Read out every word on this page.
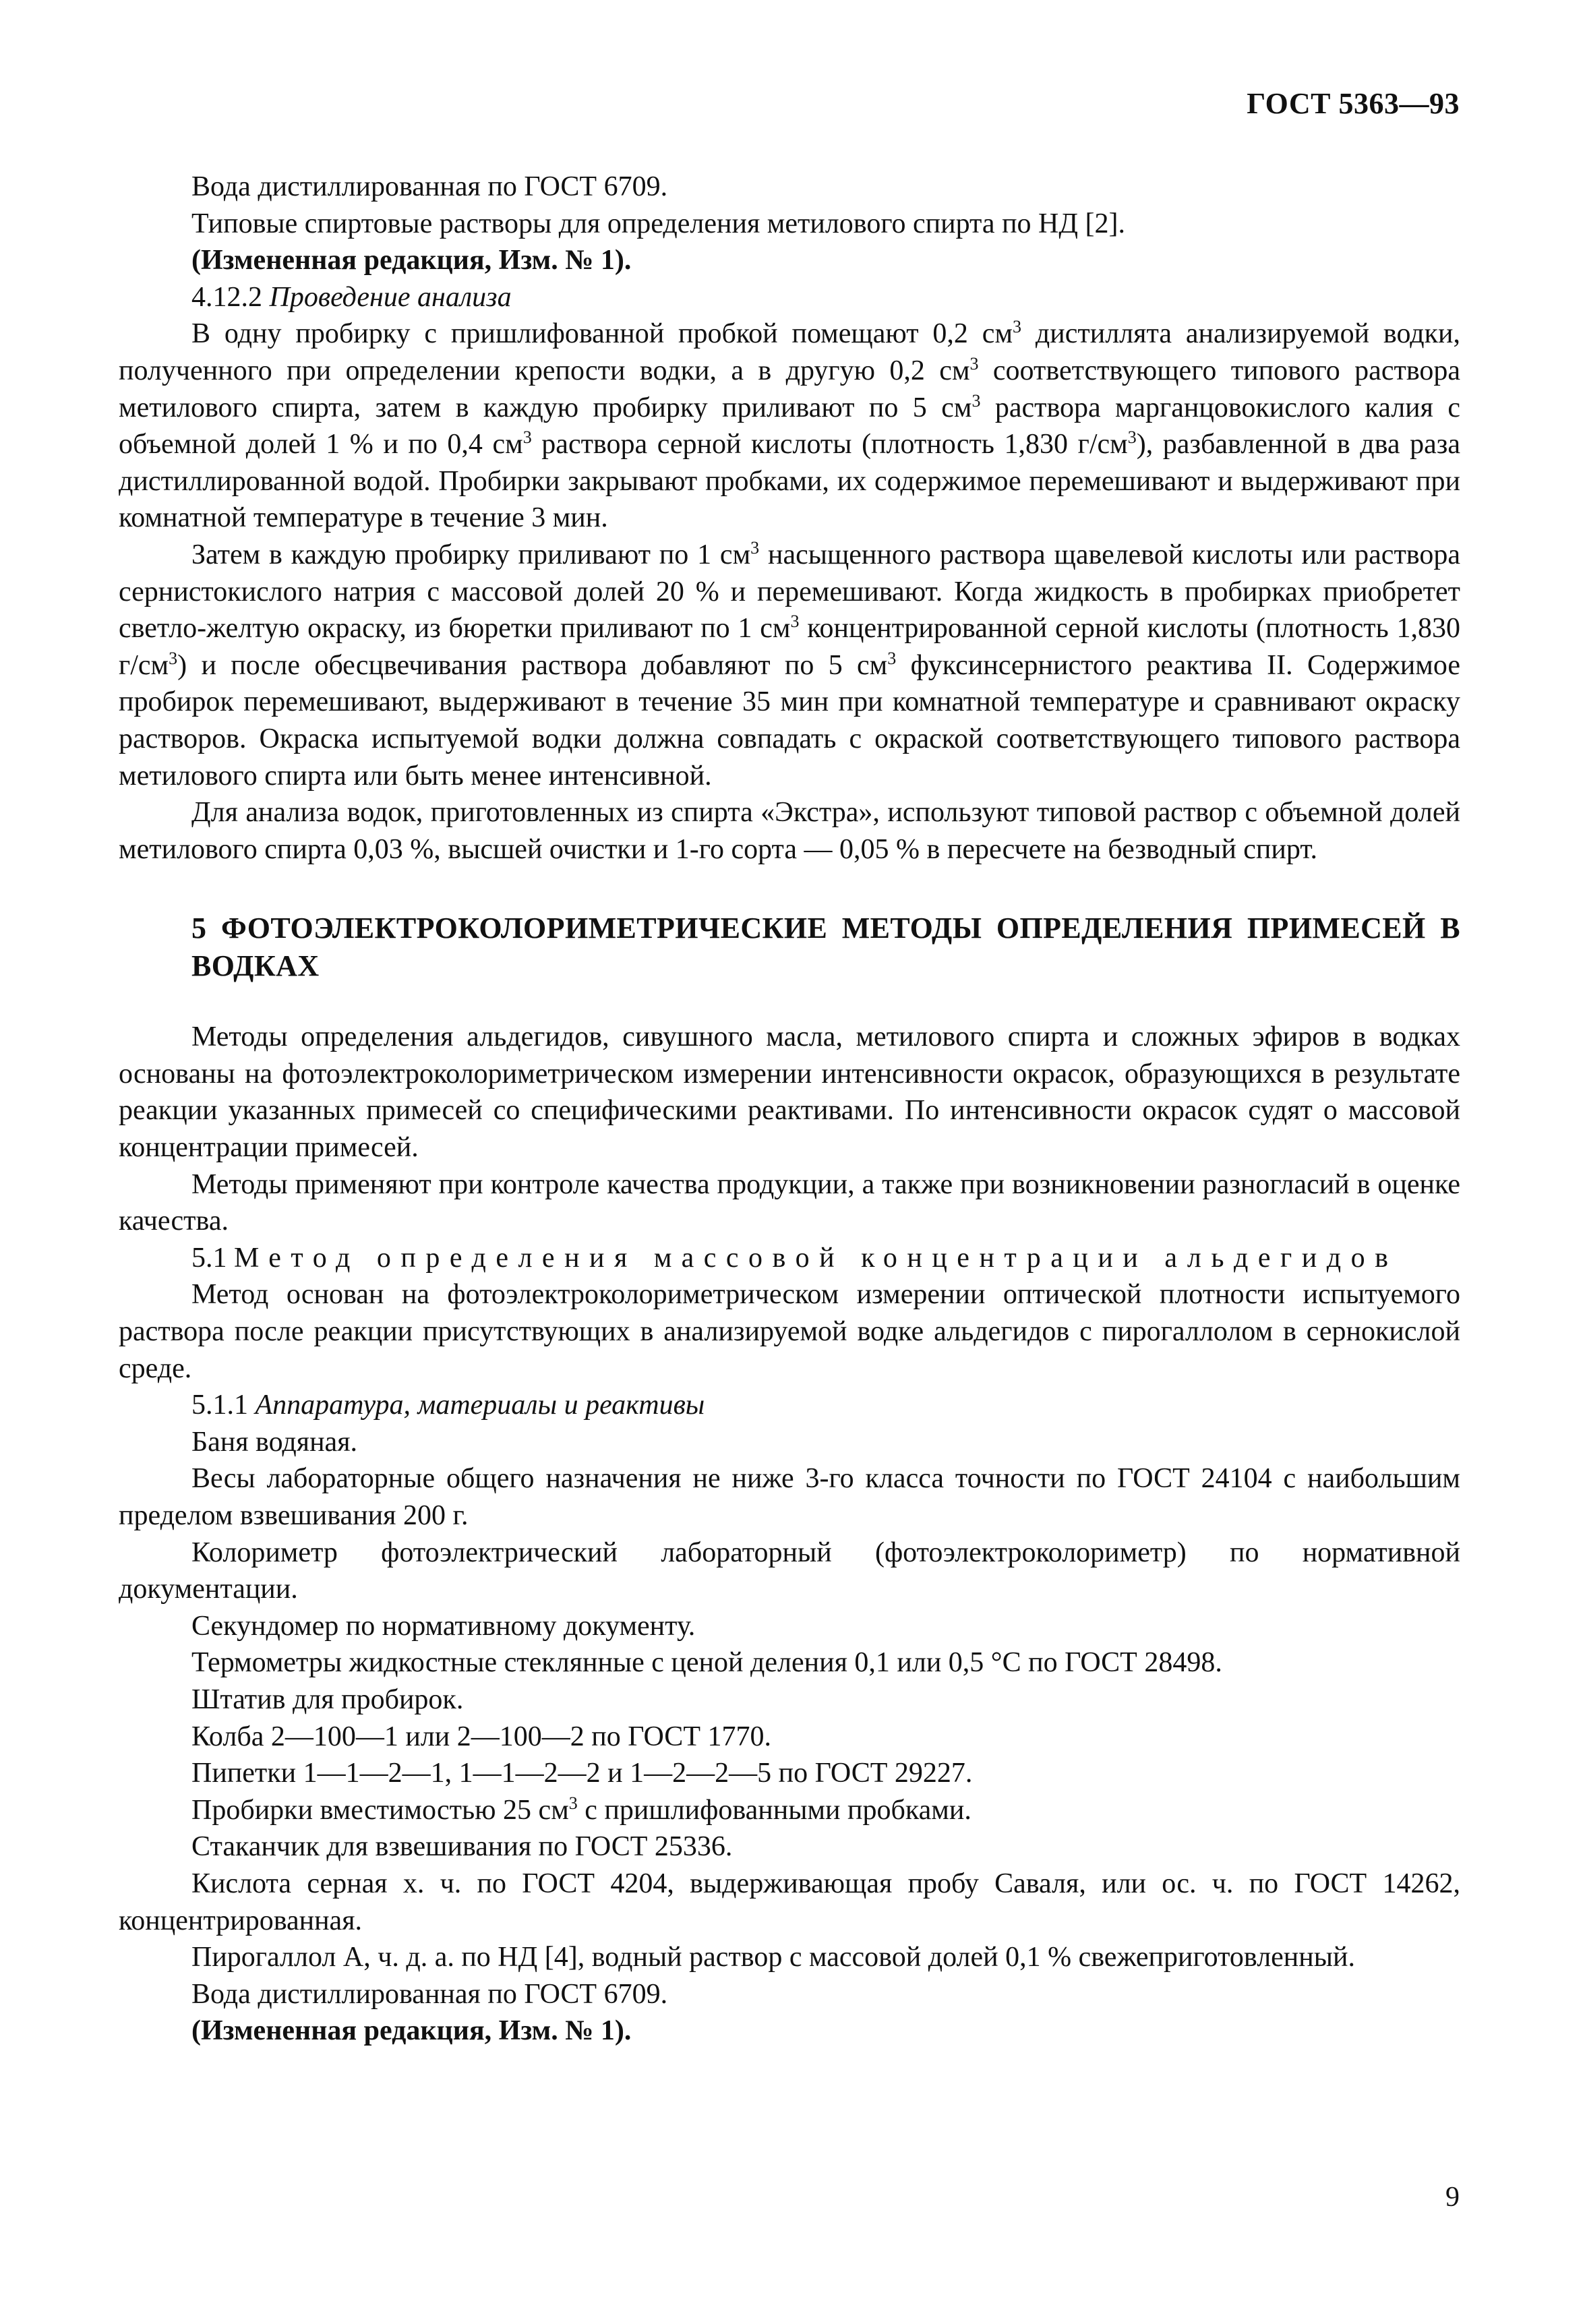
ГОСТ 5363—93

Вода дистиллированная по ГОСТ 6709.

Типовые спиртовые растворы для определения метилового спирта по НД [2].

(Измененная редакция, Изм. № 1).

4.12.2 Проведение анализа

В одну пробирку с пришлифованной пробкой помещают 0,2 $см^3$ дистиллята анализируемой водки, полученного при определении крепости водки, а в другую 0,2 $см^3$ соответствующего типового раствора метилового спирта, затем в каждую пробирку приливают по 5 $см^3$ раствора марганцовокислого калия с объемной долей 1 % и по 0,4 $см^3$ раствора серной кислоты (плотность 1,830 $г/см^3$), разбавленной в два раза дистиллированной водой. Пробирки закрывают пробками, их содержимое перемешивают и выдерживают при комнатной температуре в течение 3 мин.

Затем в каждую пробирку приливают по 1 $см^3$ насыщенного раствора щавелевой кислоты или раствора сернистокислого натрия с массовой долей 20 % и перемешивают. Когда жидкость в пробирках приобретет светло-желтую окраску, из бюретки приливают по 1 $см^3$ концентрированной серной кислоты (плотность 1,830 $г/см^3$) и после обесцвечивания раствора добавляют по 5 $см^3$ фуксинсернистого реактива II. Содержимое пробирок перемешивают, выдерживают в течение 35 мин при комнатной температуре и сравнивают окраску растворов. Окраска испытуемой водки должна совпадать с окраской соответствующего типового раствора метилового спирта или быть менее интенсивной.

Для анализа водок, приготовленных из спирта «Экстра», используют типовой раствор с объемной долей метилового спирта 0,03 %, высшей очистки и 1-го сорта — 0,05 % в пересчете на безводный спирт.

5 ФОТОЭЛЕКТРОКОЛОРИМЕТРИЧЕСКИЕ МЕТОДЫ ОПРЕДЕЛЕНИЯ ПРИМЕСЕЙ В ВОДКАХ

Методы определения альдегидов, сивушного масла, метилового спирта и сложных эфиров в водках основаны на фотоэлектроколориметрическом измерении интенсивности окрасок, образующихся в результате реакции указанных примесей со специфическими реактивами. По интенсивности окрасок судят о массовой концентрации примесей.

Методы применяют при контроле качества продукции, а также при возникновении разногласий в оценке качества.

5.1 Метод определения массовой концентрации альдегидов

Метод основан на фотоэлектроколориметрическом измерении оптической плотности испытуемого раствора после реакции присутствующих в анализируемой водке альдегидов с пирогаллолом в сернокислой среде.

5.1.1 Аппаратура, материалы и реактивы

Баня водяная.

Весы лабораторные общего назначения не ниже 3-го класса точности по ГОСТ 24104 с наибольшим пределом взвешивания 200 г.

Колориметр фотоэлектрический лабораторный (фотоэлектроколориметр) по нормативной документации.

Секундомер по нормативному документу.

Термометры жидкостные стеклянные с ценой деления 0,1 или 0,5 °С по ГОСТ 28498.

Штатив для пробирок.

Колба 2—100—1 или 2—100—2 по ГОСТ 1770.

Пипетки 1—1—2—1, 1—1—2—2 и 1—2—2—5 по ГОСТ 29227.

Пробирки вместимостью 25 $см^3$ с пришлифованными пробками.

Стаканчик для взвешивания по ГОСТ 25336.

Кислота серная х. ч. по ГОСТ 4204, выдерживающая пробу Саваля, или ос. ч. по ГОСТ 14262, концентрированная.

Пирогаллол А, ч. д. а. по НД [4], водный раствор с массовой долей 0,1 % свежеприготовленный.

Вода дистиллированная по ГОСТ 6709.

(Измененная редакция, Изм. № 1).

9
